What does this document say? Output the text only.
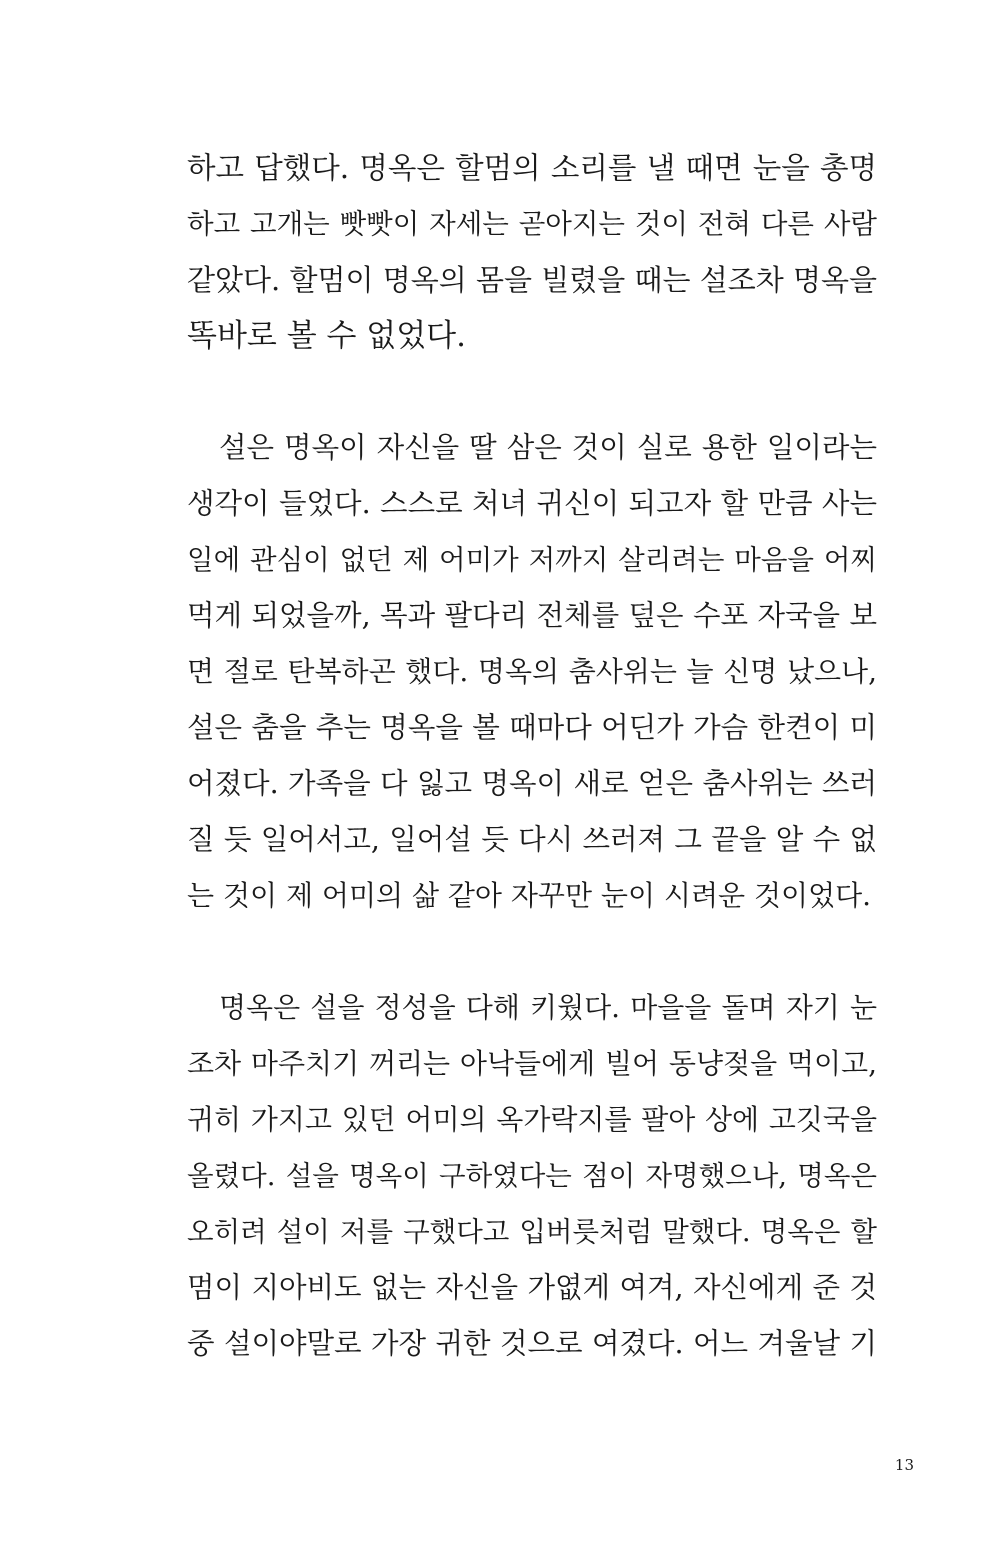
하고 답했다. 명옥은 할멈의 소리를 낼 때면 눈을 총명
하고 고개는 빳빳이 자세는 곧아지는 것이 전혀 다른 사람
같았다. 할멈이 명옥의 몸을 빌렸을 때는 설조차 명옥을
똑바로 볼 수 없었다.
설은 명옥이 자신을 딸 삼은 것이 실로 용한 일이라는
생각이 들었다. 스스로 처녀 귀신이 되고자 할 만큼 사는
일에 관심이 없던 제 어미가 저까지 살리려는 마음을 어찌
먹게 되었을까, 목과 팔다리 전체를 덮은 수포 자국을 보
면 절로 탄복하곤 했다. 명옥의 춤사위는 늘 신명 났으나,
설은 춤을 추는 명옥을 볼 때마다 어딘가 가슴 한켠이 미
어졌다. 가족을 다 잃고 명옥이 새로 얻은 춤사위는 쓰러
질 듯 일어서고, 일어설 듯 다시 쓰러져 그 끝을 알 수 없
는 것이 제 어미의 삶 같아 자꾸만 눈이 시려운 것이었다.
명옥은 설을 정성을 다해 키웠다. 마을을 돌며 자기 눈
조차 마주치기 꺼리는 아낙들에게 빌어 동냥젖을 먹이고,
귀히 가지고 있던 어미의 옥가락지를 팔아 상에 고깃국을
올렸다. 설을 명옥이 구하였다는 점이 자명했으나, 명옥은
오히려 설이 저를 구했다고 입버릇처럼 말했다. 명옥은 할
멈이 지아비도 없는 자신을 가엾게 여겨, 자신에게 준 것
중 설이야말로 가장 귀한 것으로 여겼다. 어느 겨울날 기
13
